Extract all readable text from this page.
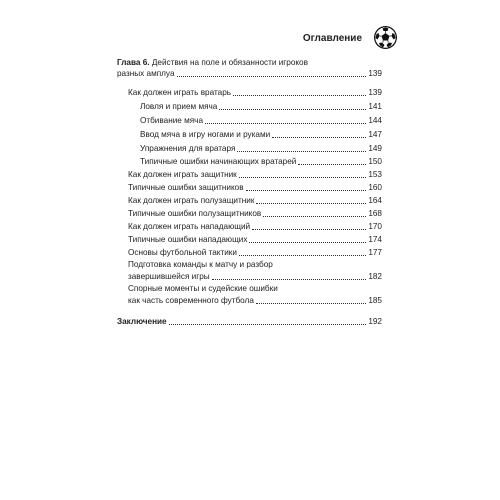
Оглавление
Глава 6. Действия на поле и обязанности игроков
разных амплуа	139
Как должен играть вратарь	139
Ловля и прием мяча	141
Отбивание мяча	144
Ввод мяча в игру ногами и руками	147
Упражнения для вратаря	149
Типичные ошибки начинающих вратарей	150
Как должен играть защитник	153
Типичные ошибки защитников	160
Как должен играть полузащитник	164
Типичные ошибки полузащитников	168
Как должен играть нападающий	170
Типичные ошибки нападающих	174
Основы футбольной тактики	177
Подготовка команды к матчу и разбор
завершившейся игры	182
Спорные моменты и судейские ошибки
как часть современного футбола	185
Заключение	192
